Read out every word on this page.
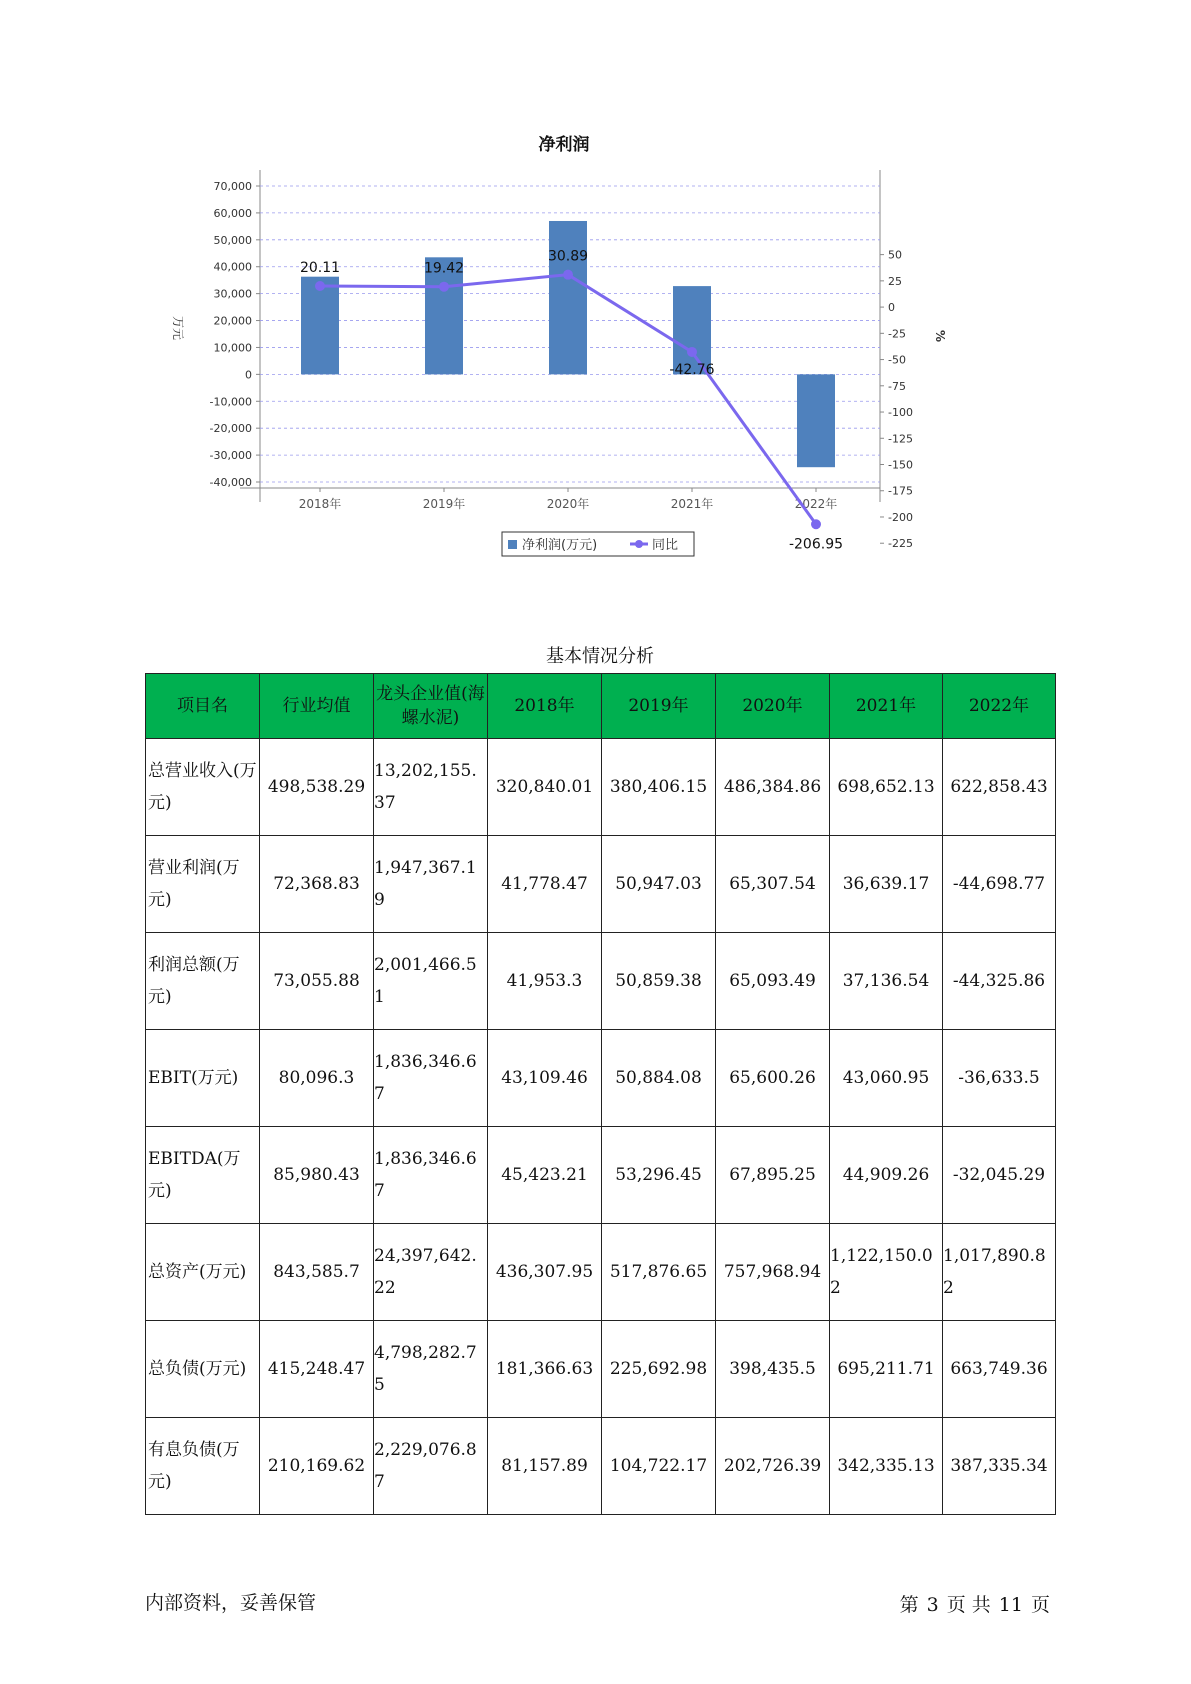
净利润
70,000
60,000
50,000
40,000
30,000
20,000
10,000
0
-10,000
-20,000
-30,000
-40,000
50
25
0
-25
-50
-75
-100
-125
-150
-175
-200
-225
万元	%
2018年	2019年	2020年	2021年	2022年
20.11	19.42
30.89
-42.76
-206.95
净利润(万元)	同比
基本情况分析
项目名	行业均值	龙头企业值(海螺水泥)	2018年	2019年	2020年	2021年	2022年
总营业收入(万元)	498,538.29	13,202,155.37	320,840.01	380,406.15	486,384.86	698,652.13	622,858.43
营业利润(万元)	72,368.83	1,947,367.19	41,778.47	50,947.03	65,307.54	36,639.17	-44,698.77
利润总额(万元)	73,055.88	2,001,466.51	41,953.3	50,859.38	65,093.49	37,136.54	-44,325.86
EBIT(万元)	80,096.3	1,836,346.67	43,109.46	50,884.08	65,600.26	43,060.95	-36,633.5
EBITDA(万元)	85,980.43	1,836,346.67	45,423.21	53,296.45	67,895.25	44,909.26	-32,045.29
总资产(万元)	843,585.7	24,397,642.22	436,307.95	517,876.65	757,968.94	1,122,150.02	1,017,890.82
总负债(万元)	415,248.47	4,798,282.75	181,366.63	225,692.98	398,435.5	695,211.71	663,749.36
有息负债(万元)	210,169.62	2,229,076.87	81,157.89	104,722.17	202,726.39	342,335.13	387,335.34
内部资料，妥善保管	第 3 页 共 11 页
